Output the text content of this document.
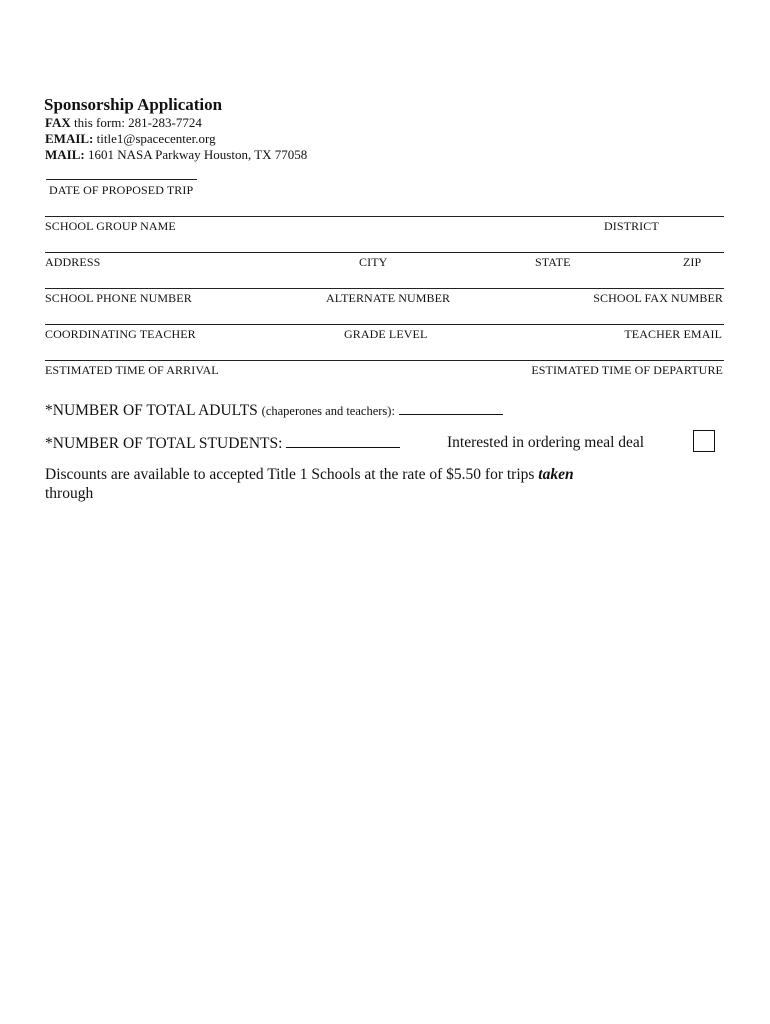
Sponsorship Application
FAX this form: 281-283-7724
EMAIL: title1@spacecenter.org
MAIL: 1601 NASA Parkway Houston, TX 77058
DATE OF PROPOSED TRIP
SCHOOL GROUP NAME	DISTRICT
ADDRESS	CITY	STATE	ZIP
SCHOOL PHONE NUMBER	ALTERNATE NUMBER	SCHOOL FAX NUMBER
COORDINATING TEACHER	GRADE LEVEL	TEACHER EMAIL
ESTIMATED TIME OF ARRIVAL	ESTIMATED TIME OF DEPARTURE
*NUMBER OF TOTAL ADULTS (chaperones and teachers):
*NUMBER OF TOTAL STUDENTS:	Interested in ordering meal deal
Discounts are available to accepted Title 1 Schools at the rate of $5.50 for trips taken
through
